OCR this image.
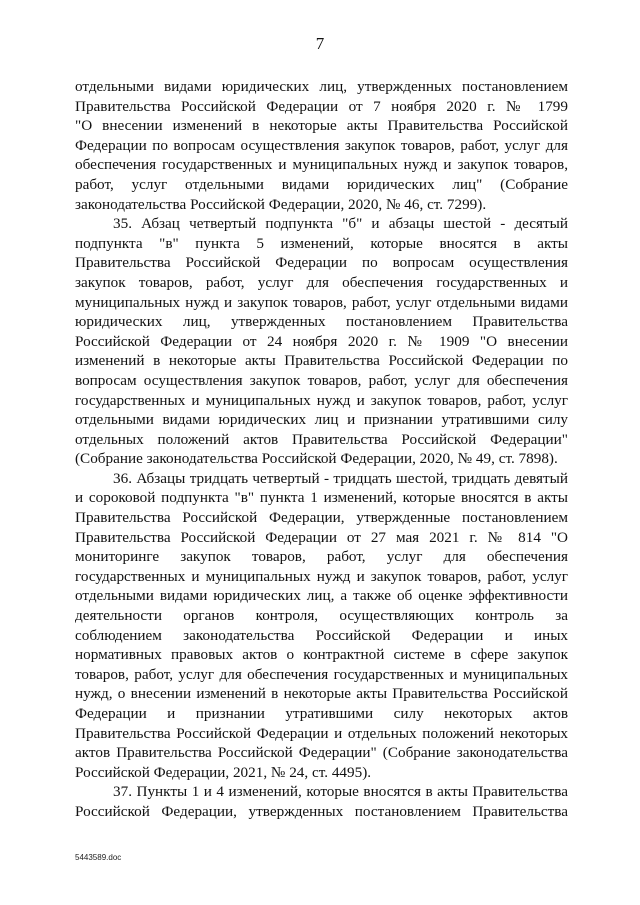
7
отдельными видами юридических лиц, утвержденных постановлением
Правительства Российской Федерации от 7 ноября 2020 г. № 1799
"О внесении изменений в некоторые акты Правительства Российской
Федерации по вопросам осуществления закупок товаров, работ, услуг для
обеспечения государственных и муниципальных нужд и закупок товаров,
работ, услуг отдельными видами юридических лиц" (Собрание
законодательства Российской Федерации, 2020, № 46, ст. 7299).
35. Абзац четвертый подпункта "б" и абзацы шестой - десятый
подпункта "в" пункта 5 изменений, которые вносятся в акты
Правительства Российской Федерации по вопросам осуществления
закупок товаров, работ, услуг для обеспечения государственных и
муниципальных нужд и закупок товаров, работ, услуг отдельными видами
юридических лиц, утвержденных постановлением Правительства
Российской Федерации от 24 ноября 2020 г. № 1909 "О внесении
изменений в некоторые акты Правительства Российской Федерации по
вопросам осуществления закупок товаров, работ, услуг для обеспечения
государственных и муниципальных нужд и закупок товаров, работ, услуг
отдельными видами юридических лиц и признании утратившими силу
отдельных положений актов Правительства Российской Федерации"
(Собрание законодательства Российской Федерации, 2020, № 49, ст. 7898).
36. Абзацы тридцать четвертый - тридцать шестой, тридцать девятый
и сороковой подпункта "в" пункта 1 изменений, которые вносятся в акты
Правительства Российской Федерации, утвержденные постановлением
Правительства Российской Федерации от 27 мая 2021 г. № 814 "О
мониторинге закупок товаров, работ, услуг для обеспечения
государственных и муниципальных нужд и закупок товаров, работ, услуг
отдельными видами юридических лиц, а также об оценке эффективности
деятельности органов контроля, осуществляющих контроль за
соблюдением законодательства Российской Федерации и иных
нормативных правовых актов о контрактной системе в сфере закупок
товаров, работ, услуг для обеспечения государственных и муниципальных
нужд, о внесении изменений в некоторые акты Правительства Российской
Федерации и признании утратившими силу некоторых актов
Правительства Российской Федерации и отдельных положений некоторых
актов Правительства Российской Федерации" (Собрание законодательства
Российской Федерации, 2021, № 24, ст. 4495).
37. Пункты 1 и 4 изменений, которые вносятся в акты Правительства
Российской Федерации, утвержденных постановлением Правительства
5443589.doc
